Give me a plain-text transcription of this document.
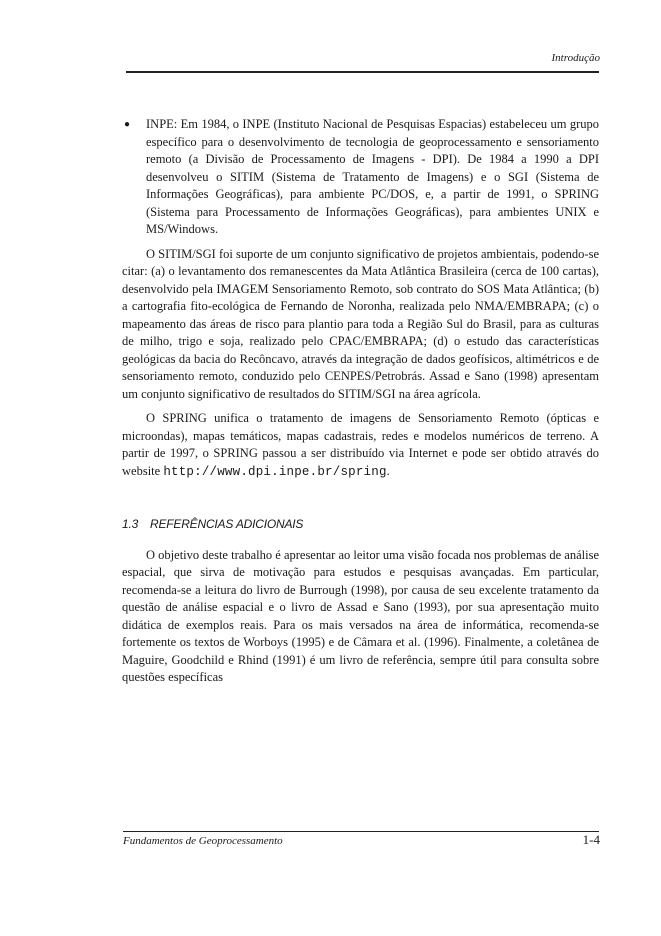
Introdução
● INPE: Em 1984, o INPE (Instituto Nacional de Pesquisas Espacias) estabeleceu um grupo específico para o desenvolvimento de tecnologia de geoprocessamento e sensoriamento remoto (a Divisão de Processamento de Imagens - DPI). De 1984 a 1990 a DPI desenvolveu o SITIM (Sistema de Tratamento de Imagens) e o SGI (Sistema de Informações Geográficas), para ambiente PC/DOS, e, a partir de 1991, o SPRING (Sistema para Processamento de Informações Geográficas), para ambientes UNIX e MS/Windows.

O SITIM/SGI foi suporte de um conjunto significativo de projetos ambientais, podendo-se citar: (a) o levantamento dos remanescentes da Mata Atlântica Brasileira (cerca de 100 cartas), desenvolvido pela IMAGEM Sensoriamento Remoto, sob contrato do SOS Mata Atlântica; (b) a cartografia fito-ecológica de Fernando de Noronha, realizada pelo NMA/EMBRAPA; (c) o mapeamento das áreas de risco para plantio para toda a Região Sul do Brasil, para as culturas de milho, trigo e soja, realizado pelo CPAC/EMBRAPA; (d) o estudo das características geológicas da bacia do Recôncavo, através da integração de dados geofísicos, altimétricos e de sensoriamento remoto, conduzido pelo CENPES/Petrobrás. Assad e Sano (1998) apresentam um conjunto significativo de resultados do SITIM/SGI na área agrícola.

O SPRING unifica o tratamento de imagens de Sensoriamento Remoto (ópticas e microondas), mapas temáticos, mapas cadastrais, redes e modelos numéricos de terreno. A partir de 1997, o SPRING passou a ser distribuído via Internet e pode ser obtido através do website http://www.dpi.inpe.br/spring.

1.3 REFERÊNCIAS ADICIONAIS

O objetivo deste trabalho é apresentar ao leitor uma visão focada nos problemas de análise espacial, que sirva de motivação para estudos e pesquisas avançadas. Em particular, recomenda-se a leitura do livro de Burrough (1998), por causa de seu excelente tratamento da questão de análise espacial e o livro de Assad e Sano (1993), por sua apresentação muito didática de exemplos reais. Para os mais versados na área de informática, recomenda-se fortemente os textos de Worboys (1995) e de Câmara et al. (1996). Finalmente, a coletânea de Maguire, Goodchild e Rhind (1991) é um livro de referência, sempre útil para consulta sobre questões específicas

Fundamentos de Geoprocessamento	1-4
